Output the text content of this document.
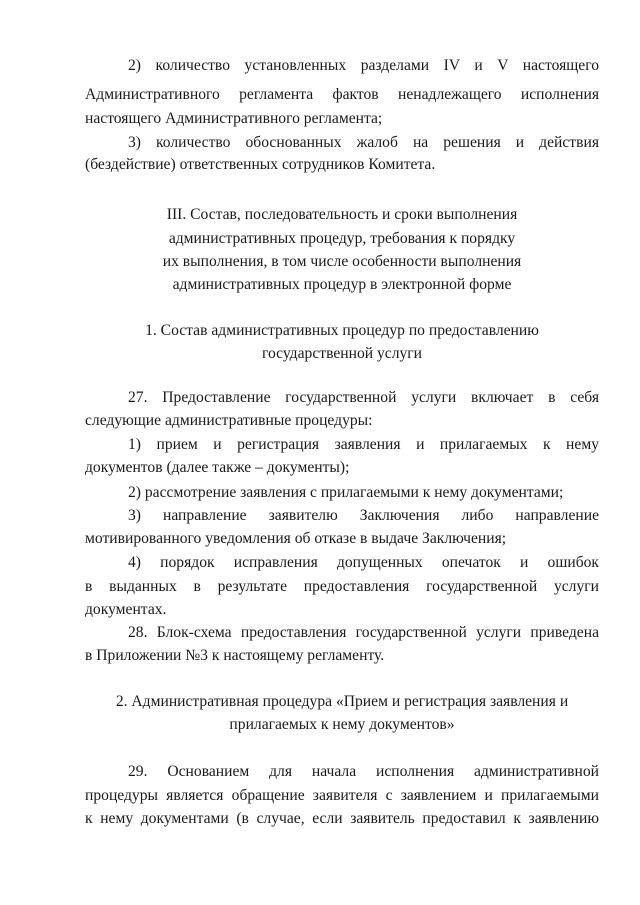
2) количество установленных разделами IV и V настоящего
Административного регламента фактов ненадлежащего исполнения
настоящего Административного регламента;
3) количество обоснованных жалоб на решения и действия
(бездействие) ответственных сотрудников Комитета.
III. Состав, последовательность и сроки выполнения
административных процедур, требования к порядку
их выполнения, в том числе особенности выполнения
административных процедур в электронной форме
1. Состав административных процедур по предоставлению
государственной услуги
27. Предоставление государственной услуги включает в себя
следующие административные процедуры:
1) прием и регистрация заявления и прилагаемых к нему
документов (далее также – документы);
2) рассмотрение заявления с прилагаемыми к нему документами;
3) направление заявителю Заключения либо направление
мотивированного уведомления об отказе в выдаче Заключения;
4) порядок исправления допущенных опечаток и ошибок
в выданных в результате предоставления государственной услуги
документах.
28. Блок-схема предоставления государственной услуги приведена
в Приложении №3 к настоящему регламенту.
2. Административная процедура «Прием и регистрация заявления и
прилагаемых к нему документов»
29. Основанием для начала исполнения административной
процедуры является обращение заявителя с заявлением и прилагаемыми
к нему документами (в случае, если заявитель предоставил к заявлению
